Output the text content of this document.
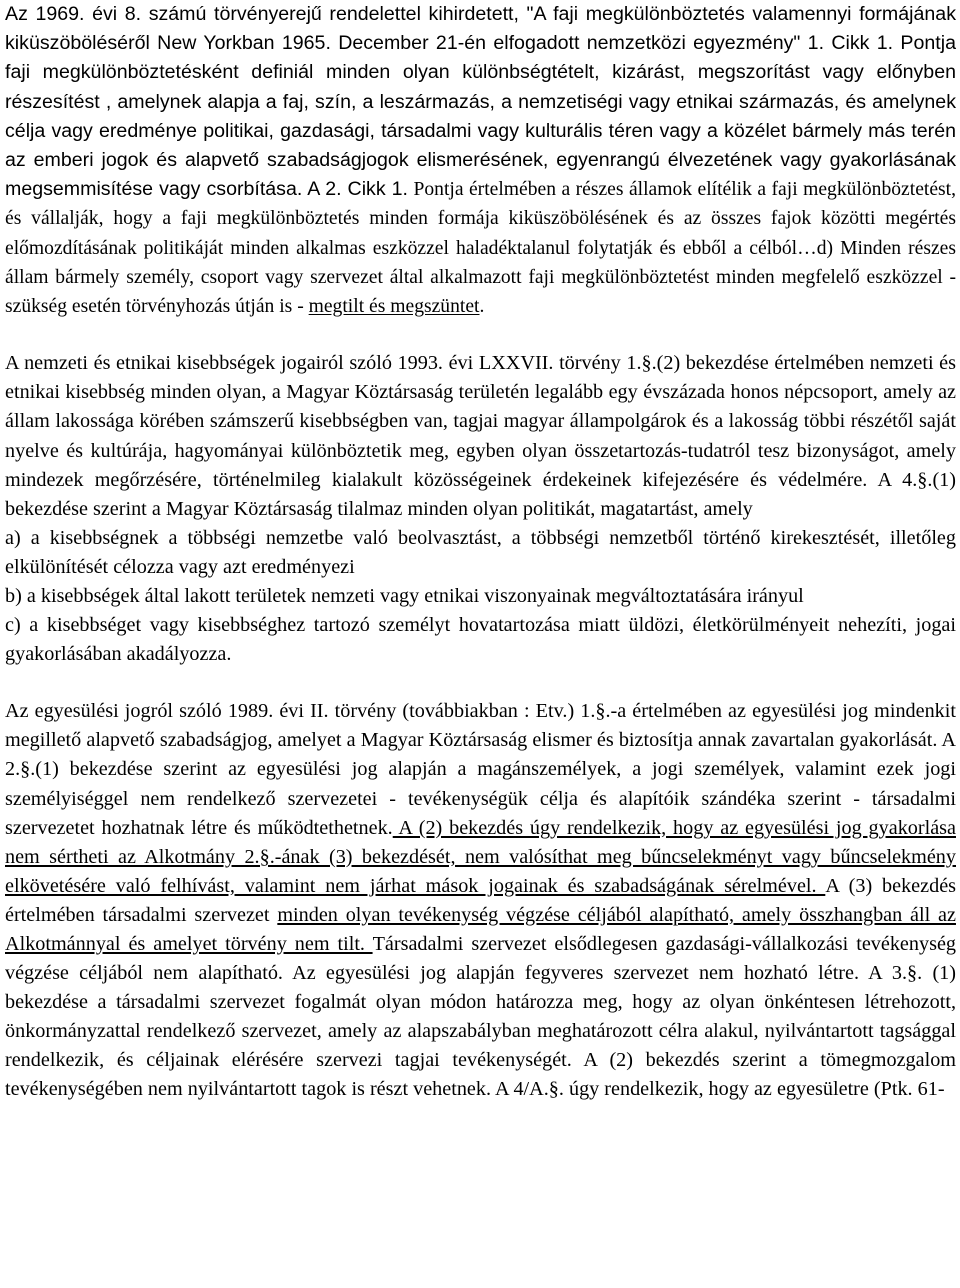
Az 1969. évi 8. számú törvényerejű rendelettel kihirdetett, "A faji megkülönböztetés valamennyi formájának kiküszöböléséről New Yorkban 1965. December 21-én elfogadott nemzetközi egyezmény" 1. Cikk 1. Pontja faji megkülönböztetésként definiál minden olyan különbségtételt, kizárást, megszorítást vagy előnyben részesítést , amelynek alapja a faj, szín, a leszármazás, a nemzetiségi vagy etnikai származás, és amelynek célja vagy eredménye politikai, gazdasági, társadalmi vagy kulturális téren vagy a közélet bármely más terén az emberi jogok és alapvető szabadságjogok elismerésének, egyenrangú élvezetének vagy gyakorlásának megsemmisítése vagy csorbítása. A 2. Cikk 1. Pontja értelmében a részes államok elítélik a faji megkülönböztetést, és vállalják, hogy a faji megkülönböztetés minden formája kiküszöbölésének és az összes fajok közötti megértés előmozdításának politikáját minden alkalmas eszközzel haladéktalanul folytatják és ebből a célból…d) Minden részes állam bármely személy, csoport vagy szervezet által alkalmazott faji megkülönböztetést minden megfelelő eszközzel - szükség esetén törvényhozás útján is - megtilt és megszüntet.

A nemzeti és etnikai kisebbségek jogairól szóló 1993. évi LXXVII. törvény 1.§.(2) bekezdése értelmében nemzeti és etnikai kisebbség minden olyan, a Magyar Köztársaság területén legalább egy évszázada honos népcsoport, amely az állam lakossága körében számszerű kisebbségben van, tagjai magyar állampolgárok és a lakosság többi részétől saját nyelve és kultúrája, hagyományai különböztetik meg, egyben olyan összetartozás-tudatról tesz bizonyságot, amely mindezek megőrzésére, történelmileg kialakult közösségeinek érdekeinek kifejezésére és védelmére. A 4.§.(1) bekezdése szerint a Magyar Köztársaság tilalmaz minden olyan politikát, magatartást, amely

a) a kisebbségnek a többségi nemzetbe való beolvasztást, a többségi nemzetből történő kirekesztését, illetőleg elkülönítését célozza vagy azt eredményezi

b) a kisebbségek által lakott területek nemzeti vagy etnikai viszonyainak megváltoztatására irányul

c) a kisebbséget vagy kisebbséghez tartozó személyt hovatartozása miatt üldözi, életkörülményeit nehezíti, jogai gyakorlásában akadályozza.

Az egyesülési jogról szóló 1989. évi II. törvény (továbbiakban : Etv.) 1.§.-a értelmében az egyesülési jog mindenkit megillető alapvető szabadságjog, amelyet a Magyar Köztársaság elismer és biztosítja annak zavartalan gyakorlását. A 2.§.(1) bekezdése szerint az egyesülési jog alapján a magánszemélyek, a jogi személyek, valamint ezek jogi személyiséggel nem rendelkező szervezetei - tevékenységük célja és alapítóik szándéka szerint - társadalmi szervezetet hozhatnak létre és működtethetnek. A (2) bekezdés úgy rendelkezik, hogy az egyesülési jog gyakorlása nem sértheti az Alkotmány 2.§.-ának (3) bekezdését, nem valósíthat meg bűncselekményt vagy bűncselekmény elkövetésére való felhívást, valamint nem járhat mások jogainak és szabadságának sérelmével. A (3) bekezdés értelmében társadalmi szervezet minden olyan tevékenység végzése céljából alapítható, amely összhangban áll az Alkotmánnyal és amelyet törvény nem tilt. Társadalmi szervezet elsődlegesen gazdasági-vállalkozási tevékenység végzése céljából nem alapítható. Az egyesülési jog alapján fegyveres szervezet nem hozható létre. A 3.§. (1) bekezdése a társadalmi szervezet fogalmát olyan módon határozza meg, hogy az olyan önkéntesen létrehozott, önkormányzattal rendelkező szervezet, amely az alapszabályban meghatározott célra alakul, nyilvántartott tagsággal rendelkezik, és céljainak elérésére szervezi tagjai tevékenységét. A (2) bekezdés szerint a tömegmozgalom tevékenységében nem nyilvántartott tagok is részt vehetnek. A 4/A.§. úgy rendelkezik, hogy az egyesületre (Ptk. 61-
